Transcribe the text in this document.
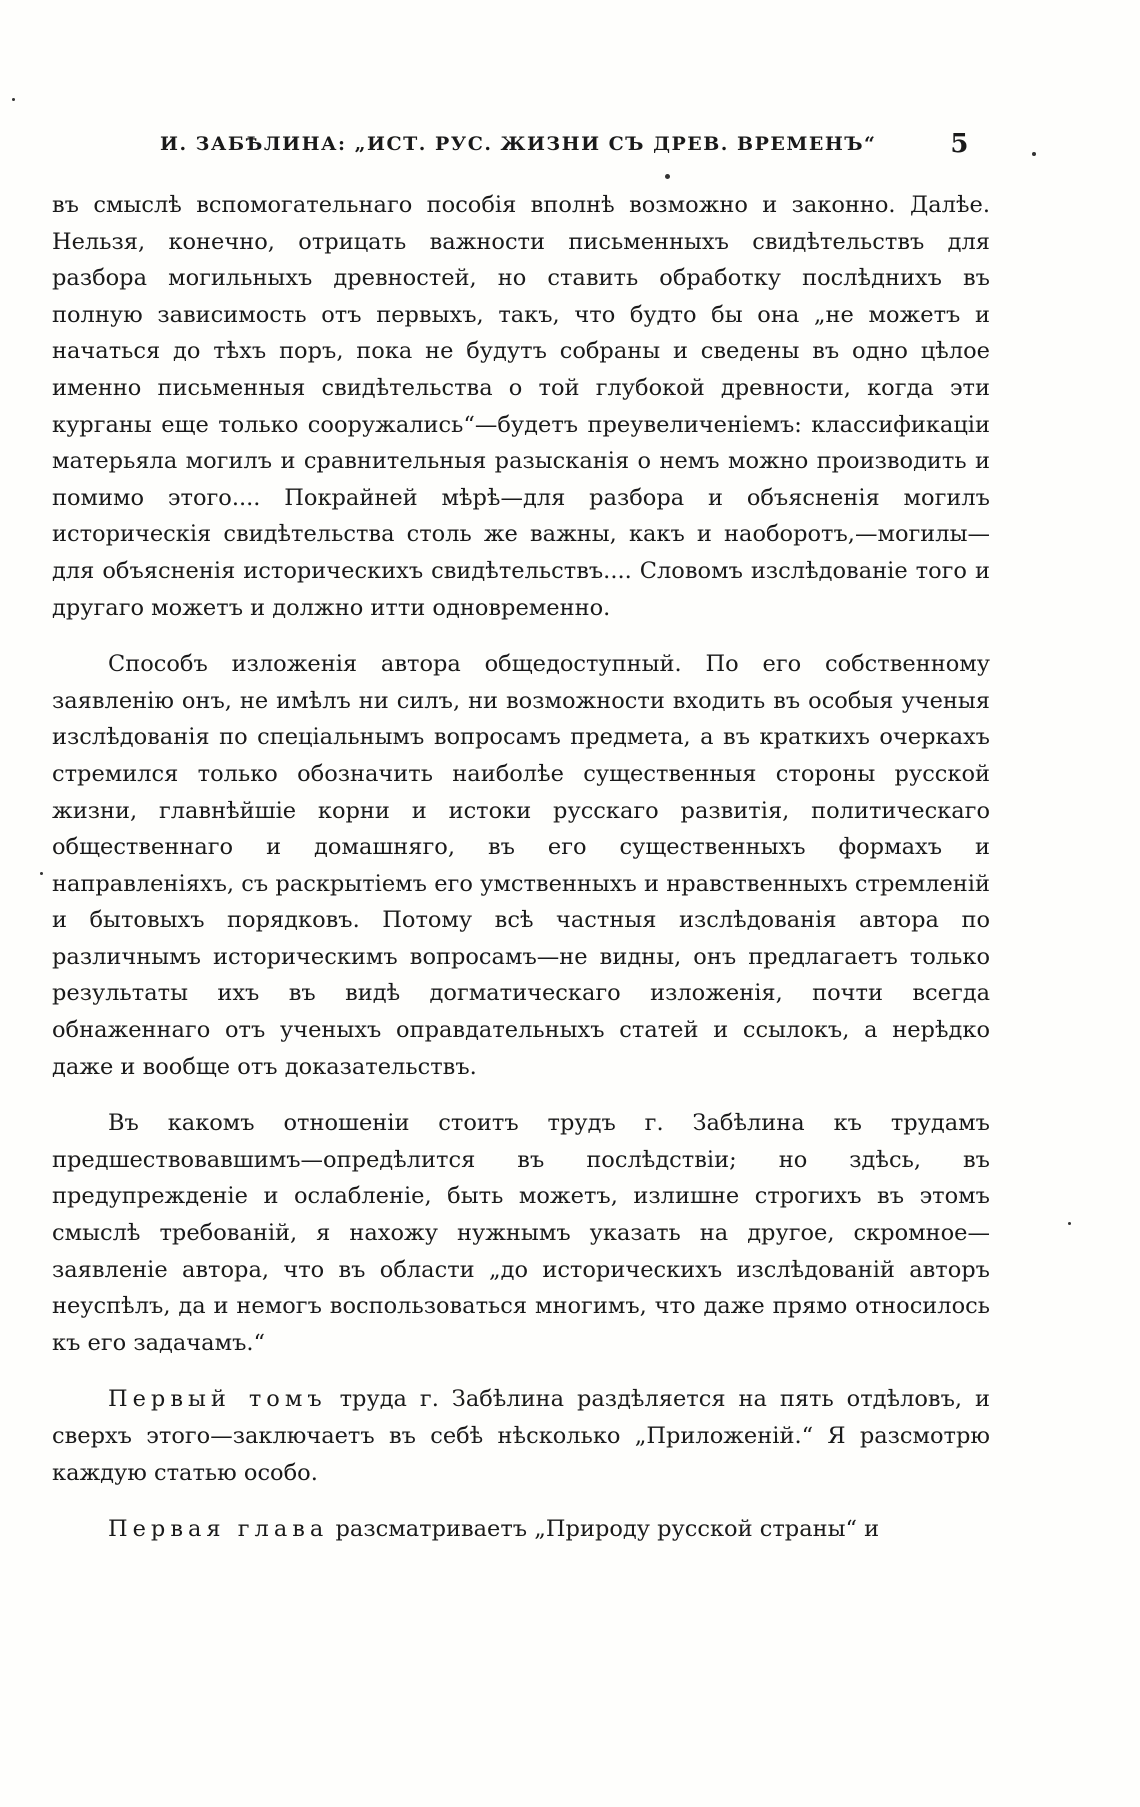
И. ЗАБѢЛИНА: „ИСТ. РУС. ЖИЗНИ СЪ ДРЕВ. ВРЕМЕНЪ“	5

въ смыслѣ вспомогательнаго пособія вполнѣ возможно и законно. Далѣе. Нельзя, конечно, отрицать важности письменныхъ свидѣтельствъ для разбора могильныхъ древностей, но ставить обработку послѣднихъ въ полную зависимость отъ первыхъ, такъ, что будто бы она „не можетъ и начаться до тѣхъ поръ, пока не будутъ собраны и сведены въ одно цѣлое именно письменныя свидѣтельства о той глубокой древности, когда эти курганы еще только сооружались“—будетъ преувеличеніемъ: классификаціи матерьяла могилъ и сравнительныя разысканія о немъ можно производить и помимо этого.... Покрайней мѣрѣ—для разбора и объясненія могилъ историческія свидѣтельства столь же важны, какъ и наоборотъ,—могилы—для объясненія историческихъ свидѣтельствъ.... Словомъ изслѣдованіе того и другаго можетъ и должно итти одновременно.

Способъ изложенія автора общедоступный. По его собственному заявленію онъ, не имѣлъ ни силъ, ни возможности входить въ особыя ученыя изслѣдованія по спеціальнымъ вопросамъ предмета, а въ краткихъ очеркахъ стремился только обозначить наиболѣе существенныя стороны русской жизни, главнѣйшіе корни и истоки русскаго развитія, политическаго общественнаго и домашняго, въ его существенныхъ формахъ и направленіяхъ, съ раскрытіемъ его умственныхъ и нравственныхъ стремленій и бытовыхъ порядковъ. Потому всѣ частныя изслѣдованія автора по различнымъ историческимъ вопросамъ—не видны, онъ предлагаетъ только результаты ихъ въ видѣ догматическаго изложенія, почти всегда обнаженнаго отъ ученыхъ оправдательныхъ статей и ссылокъ, а нерѣдко даже и вообще отъ доказательствъ.

Въ какомъ отношеніи стоитъ трудъ г. Забѣлина къ трудамъ предшествовавшимъ—опредѣлится въ послѣдствіи; но здѣсь, въ предупрежденіе и ослабленіе, быть можетъ, излишне строгихъ въ этомъ смыслѣ требованій, я нахожу нужнымъ указать на другое, скромное—заявленіе автора, что въ области „до историческихъ изслѣдованій авторъ неуспѣлъ, да и немогъ воспользоваться многимъ, что даже прямо относилось къ его задачамъ.“

Первый томъ труда г. Забѣлина раздѣляется на пять отдѣловъ, и сверхъ этого—заключаетъ въ себѣ нѣсколько „Приложеній.“ Я разсмотрю каждую статью особо.

Первая глава разсматриваетъ „Природу русской страны“ и
